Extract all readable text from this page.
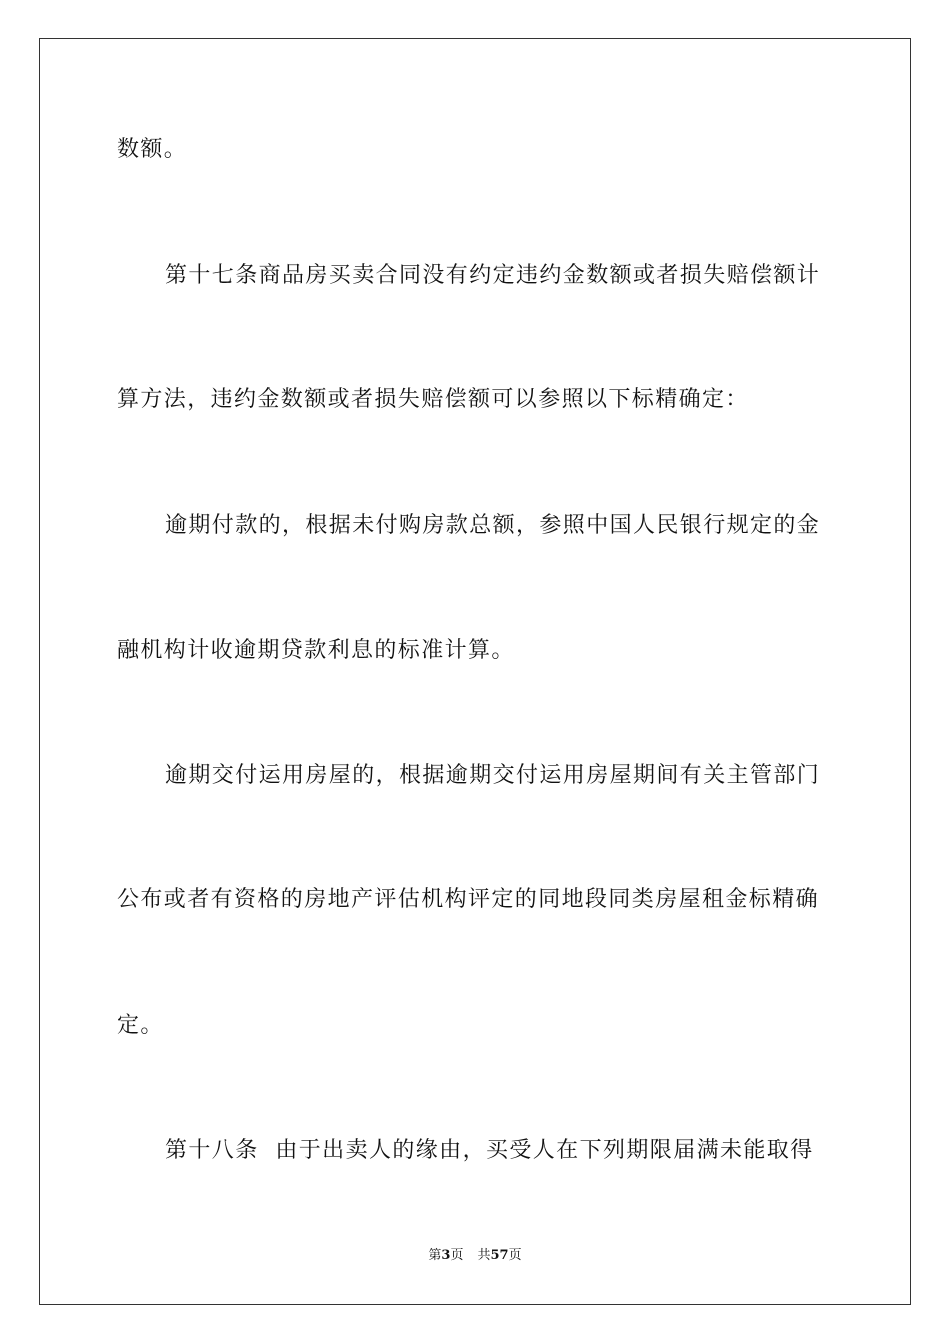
数额。
第十七条商品房买卖合同没有约定违约金数额或者损失赔偿额计
算方法，违约金数额或者损失赔偿额可以参照以下标精确定：
逾期付款的，根据未付购房款总额，参照中国人民银行规定的金
融机构计收逾期贷款利息的标准计算。
逾期交付运用房屋的，根据逾期交付运用房屋期间有关主管部门
公布或者有资格的房地产评估机构评定的同地段同类房屋租金标精确
定。
第十八条  由于出卖人的缘由，买受人在下列期限届满未能取得
第3页 共57页
